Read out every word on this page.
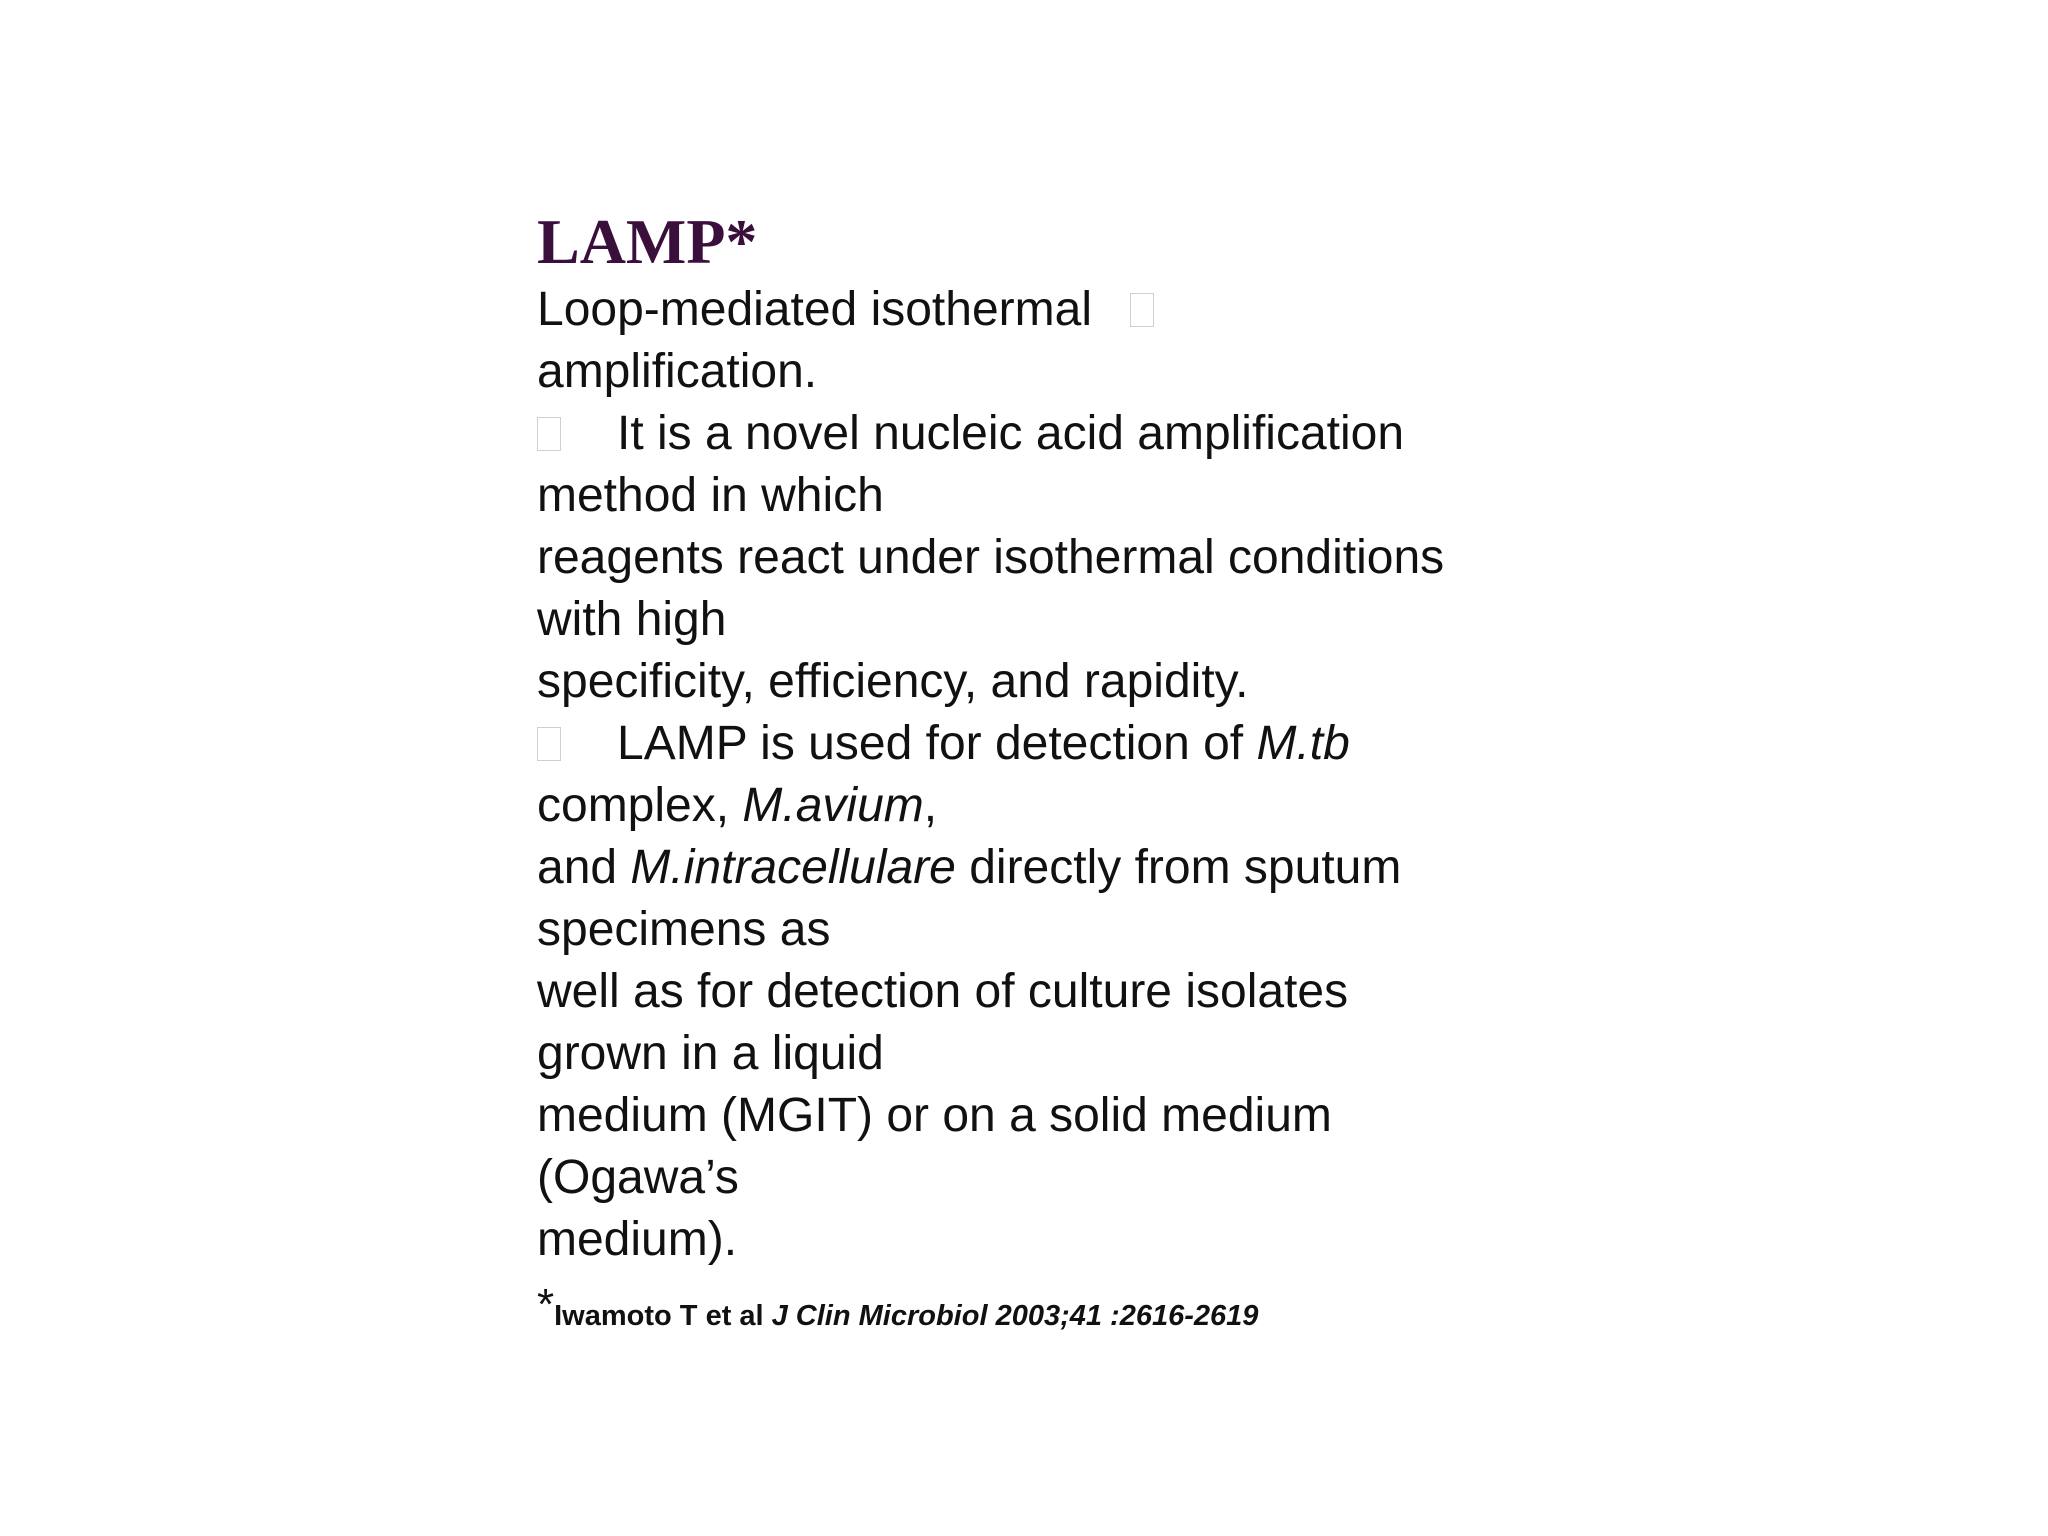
LAMP*
Loop-mediated isothermal
amplification.
It is a novel nucleic acid amplification
method in which
reagents react under isothermal conditions
with high
specificity, efficiency, and rapidity.
LAMP is used for detection of M.tb
complex, M.avium,
and M.intracellulare directly from sputum
specimens as
well as for detection of culture isolates
grown in a liquid
medium (MGIT) or on a solid medium
(Ogawa’s
medium).
*Iwamoto T et al J Clin Microbiol 2003;41 :2616-2619
